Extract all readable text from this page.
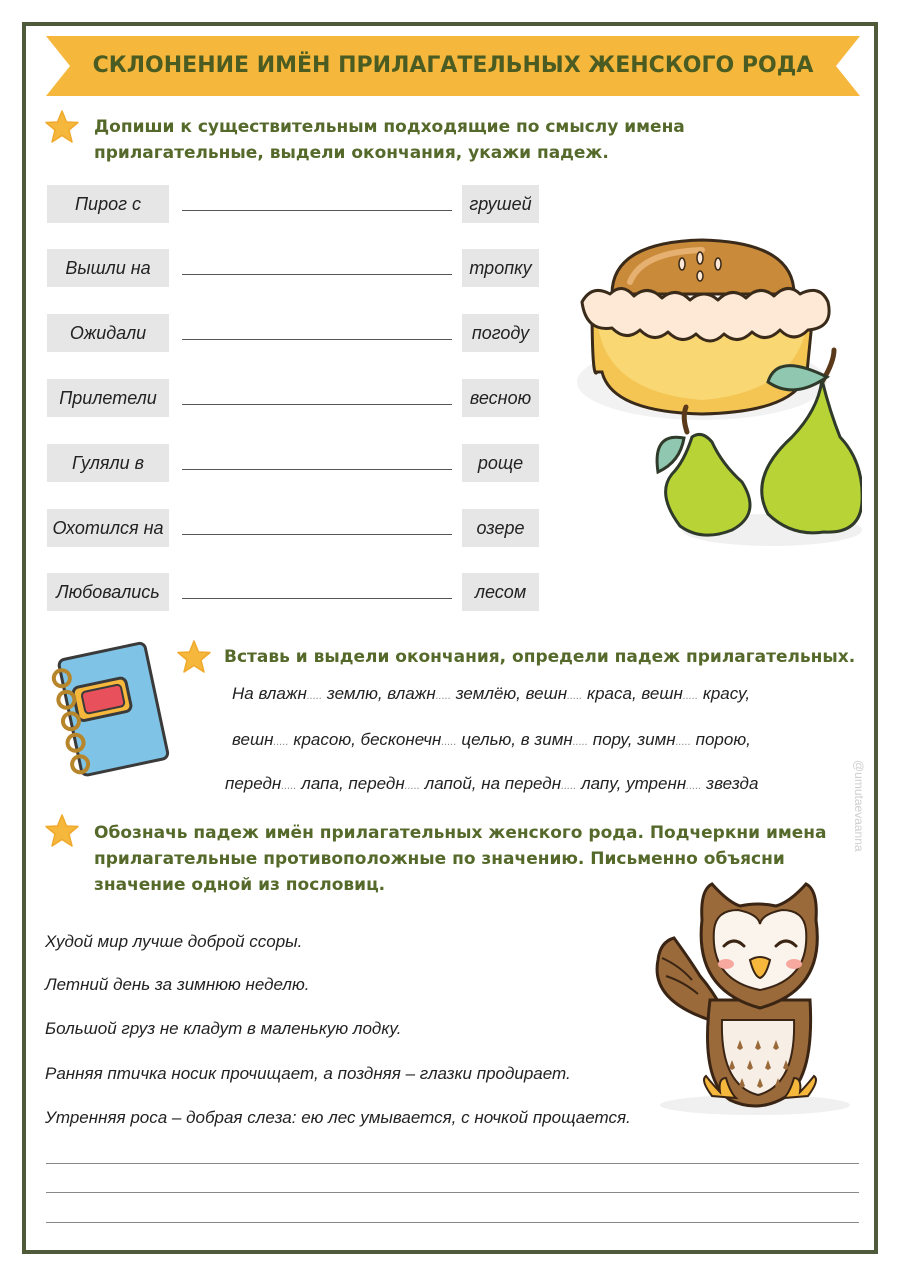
СКЛОНЕНИЕ ИМЁН ПРИЛАГАТЕЛЬНЫХ ЖЕНСКОГО РОДА
Допиши к существительным подходящие по смыслу имена
прилагательные, выдели окончания, укажи падеж.
Пирог с	грушей
Вышли на	тропку
Ожидали	погоду
Прилетели	весною
Гуляли в	роще
Охотился на	озере
Любовались	лесом
Вставь и выдели окончания, определи падеж прилагательных.
На влажн..... землю, влажн..... землёю, вешн..... краса, вешн..... красу,
вешн..... красою, бесконечн..... целью, в зимн..... пору, зимн..... порою,
передн..... лапа, передн..... лапой, на передн..... лапу, утренн..... звезда
Обозначь падеж имён прилагательных женского рода. Подчеркни имена
прилагательные противоположные по значению. Письменно объясни
значение одной из пословиц.
Худой мир лучше доброй ссоры.
Летний день за зимнюю неделю.
Большой груз не кладут в маленькую лодку.
Ранняя птичка носик прочищает, а поздняя – глазки продирает.
Утренняя роса – добрая слеза: ею лес умывается, с ночкой прощается.
@umutaevaanna
